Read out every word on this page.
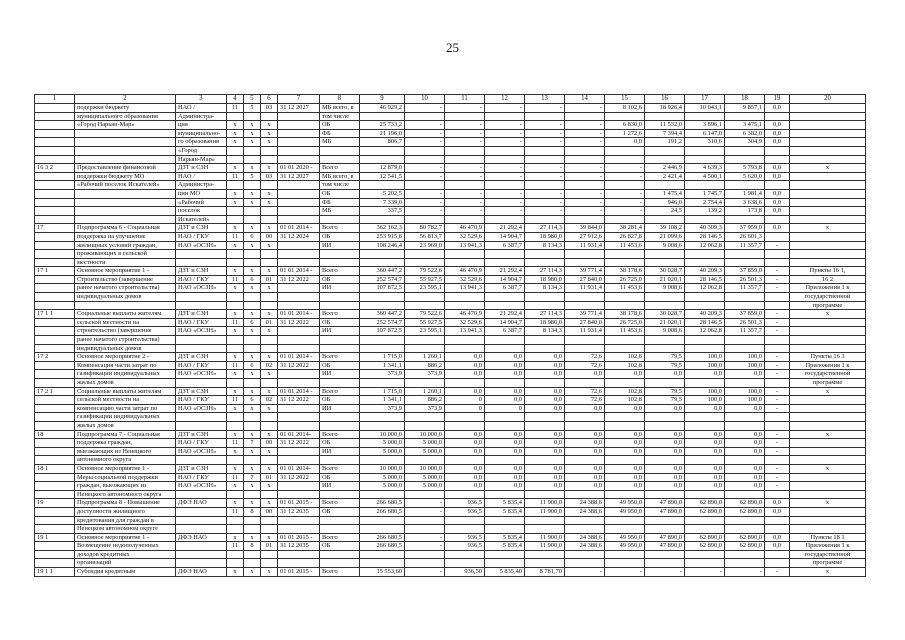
25
1	2	3	4	5	6	7	8	9	10	11	12	13	14	15	16	17	18	19	20
	подержки бюджету	НАО /	11	5	03	31 12 2027	МБ всего, в	46 929,2	-	-	-	-	-	8 102,6	18 926,4	10 043,1	9 857,1	0,0	
	муниципального образования	Администра-					том числе												
	«Город Нарьян-Мар»	ция	x	x	x		ОБ	25 733,2	-	-	-	-	-	6 830,0	11 532,0	3 896,1	3 475,1	0,0	
		муниципально-	x	x	x		ФБ	21 196,0	-	-	-	-	-	1 272,6	7 394,4	6 147,0	6 382,0	0,0	
		го образования	x	x	x		МБ	806,7	-	-	-	-	-	0,0	191,2	310,6	304,9	0,0	
		«Город																	
		Нарьян-Мар»																	
16 3 2	Предоставление финансовой	ДЗТ и СЗН	x	x	x	01 01 2020 -	Всего	12 879,0	-	-	-	-	-	-	2 446,9	4 639,3	5 793,8	0,0	x
	поддержки бюджету МО	НАО /	11	5	03	31 12 2027	МБ всего, в	12 541,5	-	-	-	-	-	-	2 421,4	4 500,1	5 620,0	0,0	
	«Рабочий поселок Искателей»	Администра-					том числе												
		ции МО	x	x	x		ОБ	5 202,5	-	-	-	-	-	-	1 475,4	1 745,7	1 981,4	0,0	
		«Рабочий	x	x	x		ФБ	7 339,0	-	-	-	-	-	-	946,0	2 754,4	3 638,6	0,0	
		поселок					МБ	337,5	-	-	-	-	-	-	24,5	139,2	173,8	0,0	
		Искателей»																	
17	Подпрограмма 6 - Социальная	ДЗТ и СЗН	x	x	x	01 01 2014 -	Всего	362 162,3	80 782,7	46 470,9	21 292,4	27 114,3	39 844,0	38 281,4	39 108,2	40 309,3	37 959,0	0,0	x
	поддержка на улучшение	НАО / ГКУ	11	6	00	31 12 2024	ОБ	253 915,8	56 813,7	32 529,6	14 904,7	18 980,0	27 912,6	26 827,8	21 099,6	28 146,5	26 601,3		
	жилищных условий граждан,	НАО «ОСЗН»	x	x	x		ИИ	108 246,4	23 969,0	13 941,3	6 387,7	8 134,3	11 931,4	11 453,6	9 008,6	12 062,8	11 357,7	-	
	проживающих в сельской																		
	местности																		
17 1	Основное мероприятие 1 -	ДЗТ и СЗН	x	x	x	01 01 2014 -	Всего	360 447,2	79 522,6	46 470,9	21 292,4	27 114,3	39 771,4	38 178,6	30 028,7	40 209,3	37 859,0	-	Пункты 16 1,
	Строительство (завершение	НАО / ГКУ	11	6	01	31 12 2022	ОБ	252 574,7	55 927,5	32 529,6	14 904,7	18 980,0	27 840,0	26 725,0	21 020,1	28 146,5	26 501,3	-	16 2
	ранее начатого строительства)	НАО «ОСЗН»	x	x	x		ИИ	107 872,5	23 595,1	13 941,3	6 387,7	8 134,3	11 931,4	11 453,6	9 008,6	12 062,8	11 357,7	-	Приложения 1 к
	индивидуальных домов																		государственной
																			программе
17 1 1	Социальные выплаты жителям	ДЗТ и СЗН	x	x	x	01 01 2014 -	Всего	360 447,2	79 522,6	46 470,9	21 292,4	27 114,3	39 771,4	38 178,6	30 028,7	40 209,3	37 859,0	-	x
	сельской местности на	НАО / ГКУ	11	6	01	31 12 2022	ОБ	252 574,7	55 927,5	32 529,6	14 904,7	18 980,0	27 840,0	26 725,0	21 020,1	28 146,5	26 501,3	-	
	строительство (завершение	НАО «ОСЗН»	x	x	x		ИИ	107 872,5	23 595,1	13 941,3	6 387,7	8 134,3	11 931,4	11 453,6	9 008,6	12 062,8	11 357,7	-	
	ранее начатого строительства)																		
	индивидуальных домов																		
17 2	Основное мероприятие 2 -	ДЗТ и СЗН	x	x	x	01 01 2014 -	Всего	1 715,0	1 260,1	0,0	0,0	0,0	72,6	102,8	79,5	100,0	100,0	-	Пункты 16 3
	Компенсация части затрат по	НАО / ГКУ	11	6	02	31 12 2022	ОБ	1 341,1	886,2	0,0	0,0	0,0	72,6	102,8	79,5	100,0	100,0	-	Приложения 1 к
	газификации индивидуальных	НАО «ОСЗН»	x	x	x		ИИ	373,9	373,9	0,0	0,0	0,0	0,0	0,0	0,0	0,0	0,0	-	государственной
	жилых домов																		программе
17 2 1	Социальные выплаты жителям	ДЗТ и СЗН	x	x	x	01 01 2014 -	Всего	1 715,0	1 260,1	0,0	0,0	0,0	72,6	102,8	79,5	100,0	100,0	-	x
	сельской местности на	НАО / ГКУ	11	6	02	31 12 2022	ОБ	1 341,1	886,2	0	0,0	0,0	72,6	102,8	79,5	100,0	100,0	-	
	компенсацию части затрат по	НАО «ОСЗН»	x	x	x		ИИ	373,9	373,9	0	0	0,0	0,0	0,0	0,0	0,0	0,0	-	
	газификации индивидуальных																		
	жилых домов																		
18	Подпрограмма 7 - Социальная	ДЗТ и СЗН	x	x	x	01 01 2014-	Всего	10 000,0	10 000,0	0,0	0,0	0,0	0,0	0,0	0,0	0,0	0,0	-	x
	поддержка граждан,	НАО / ГКУ	11	7	00	31 12 2022	ОБ	5 000,0	5 000,0	0,0	0,0	0,0	0,0	0,0	0,0	0,0	0,0	-	
	выезжающих из Ненецкого	НАО «ОСЗН»	x	x	x		ИИ	5 000,0	5 000,0	0,0	0,0	0,0	0,0	0,0	0,0	0,0	0,0	-	
	автономного округа																		
18 1	Основное мероприятие 1 -	ДЗТ и СЗН	x	x	x	01 01 2014-	Всего	10 000,0	10 000,0	0,0	0,0	0,0	0,0	0,0	0,0	0,0	0,0	-	x
	Меры социальной поддержки	НАО / ГКУ	11	7	01	31 12 2022	ОБ	5 000,0	5 000,0	0,0	0,0	0,0	0,0	0,0	0,0	0,0	0,0	-	
	граждан, выезжающих из	НАО «ОСЗН»	x	x	x		ИИ	5 000,0	5 000,0	0,0	0,0	0,0	0,0	0,0	0,0	0,0	0,0	-	
	Ненецкого автономного округа																		
19	Подпрограмма 8 - Повышение	ДФЭ НАО	x	x	x	01 01 2015 -	Всего	266 680,5	-	936,5	5 835,4	11 900,0	24 388,6	49 950,0	47 890,0	62 890,0	62 890,0	0,0	x
	доступности жилищного		11	8	00	31 12 2035	ОБ	266 680,5	-	936,5	5 835,4	11 900,0	24 388,6	49 950,0	47 890,0	62 890,0	62 890,0	0,0	
	кредитования для граждан в																		
	Ненецком автономном округе																		
19 1	Основное мероприятие 1 -	ДФЭ НАО	x	x	x	01 01 2015 -	Всего	266 680,5	-	936,5	5 835,4	11 900,0	24 388,6	49 950,0	47 890,0	62 890,0	62 890,0	0,0	Пункты 18 1
	Возмещение недополученных		11	8	01	31 12 2035	ОБ	266 680,5	-	936,5	5 835,4	11 900,0	24 388,6	49 950,0	47 890,0	62 890,0	62 890,0	0,0	Приложения 1 к
	доходов кредитных																		государственной
	организаций																		программе
19 1 1	Субсидия кредитным	ДФЭ НАО	x	x	x	01 01 2015 -	Всего	15 553,60	-	936,50	5 835,40	8 781,70	-	-	-	-	-	-	x
